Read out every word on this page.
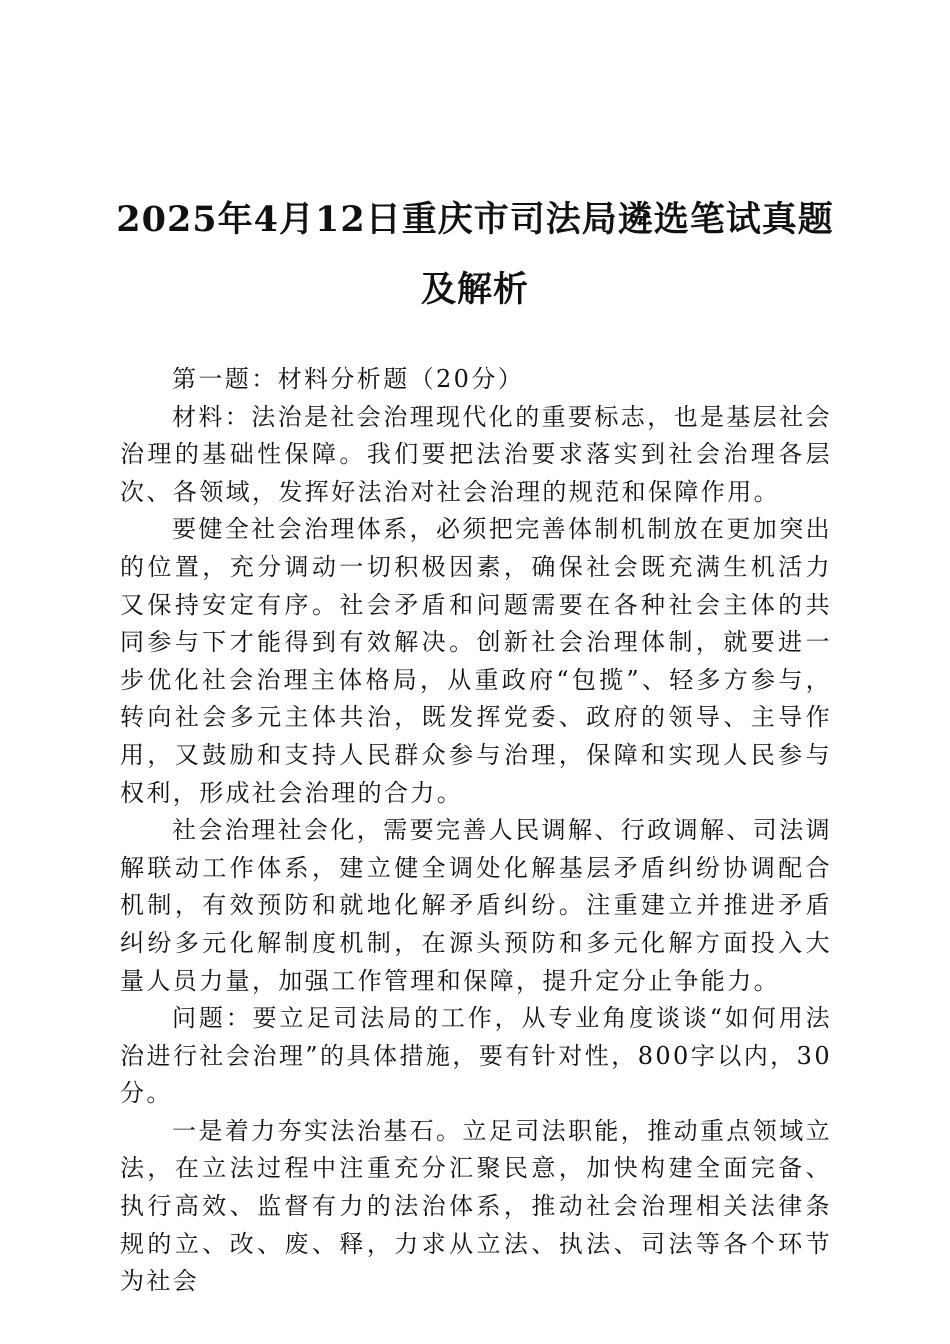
2025年4月12日重庆市司法局遴选笔试真题
及解析

第一题：材料分析题（20分）

材料：法治是社会治理现代化的重要标志，也是基层社会治理的基础性保障。我们要把法治要求落实到社会治理各层次、各领域，发挥好法治对社会治理的规范和保障作用。

要健全社会治理体系，必须把完善体制机制放在更加突出的位置，充分调动一切积极因素，确保社会既充满生机活力又保持安定有序。社会矛盾和问题需要在各种社会主体的共同参与下才能得到有效解决。创新社会治理体制，就要进一步优化社会治理主体格局，从重政府“包揽”、轻多方参与，转向社会多元主体共治，既发挥党委、政府的领导、主导作用，又鼓励和支持人民群众参与治理，保障和实现人民参与权利，形成社会治理的合力。

社会治理社会化，需要完善人民调解、行政调解、司法调解联动工作体系，建立健全调处化解基层矛盾纠纷协调配合机制，有效预防和就地化解矛盾纠纷。注重建立并推进矛盾纠纷多元化解制度机制，在源头预防和多元化解方面投入大量人员力量，加强工作管理和保障，提升定分止争能力。

问题：要立足司法局的工作，从专业角度谈谈“如何用法治进行社会治理”的具体措施，要有针对性，800字以内，30分。

一是着力夯实法治基石。立足司法职能，推动重点领域立法，在立法过程中注重充分汇聚民意，加快构建全面完备、执行高效、监督有力的法治体系，推动社会治理相关法律条规的立、改、废、释，力求从立法、执法、司法等各个环节为社会
